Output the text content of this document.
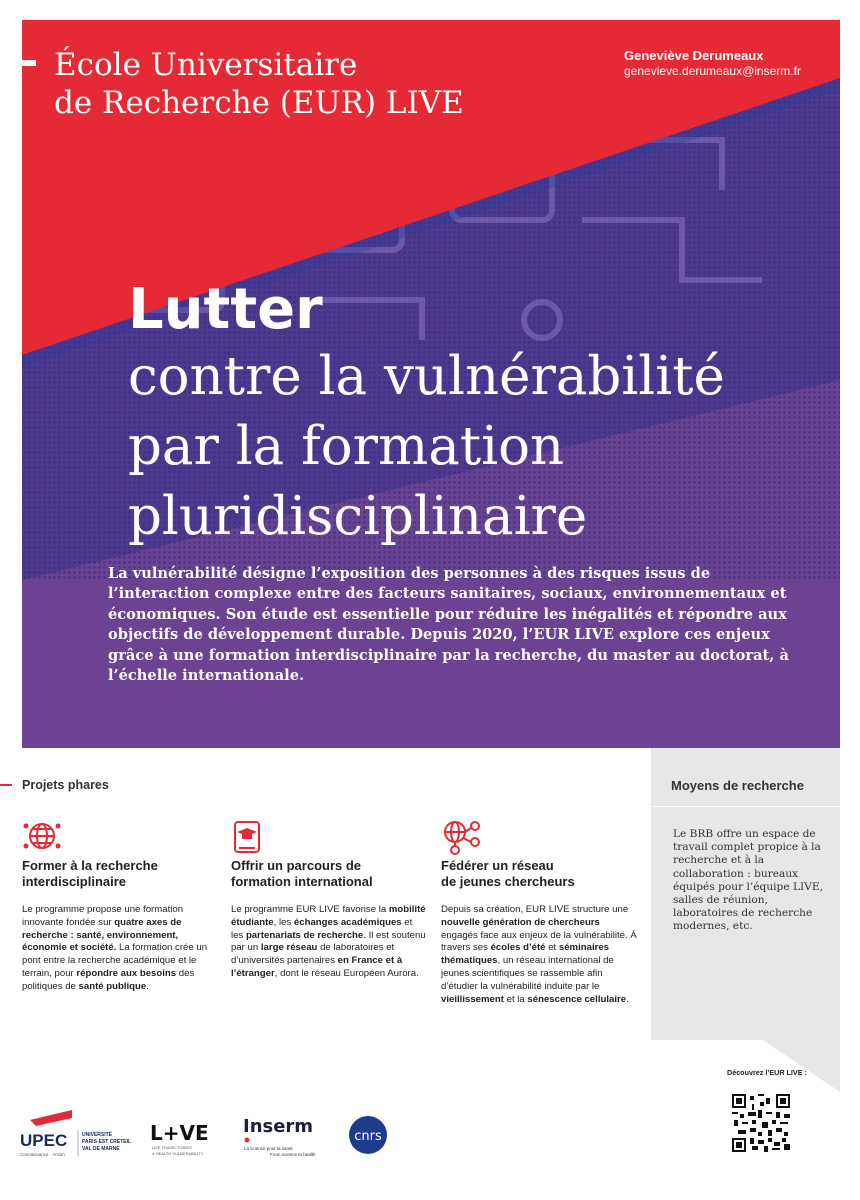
École Universitaire
de Recherche (EUR) LIVE
Geneviève Derumeaux
genevieve.derumeaux@inserm.fr
Lutter
contre la vulnérabilité
par la formation
pluridisciplinaire
La vulnérabilité désigne l’exposition des personnes à des risques issus de l’interaction complexe entre des facteurs sanitaires, sociaux, environnementaux et économiques. Son étude est essentielle pour réduire les inégalités et répondre aux objectifs de développement durable. Depuis 2020, l’EUR LIVE explore ces enjeux grâce à une formation interdisciplinaire par la recherche, du master au doctorat, à l’échelle internationale.
Moyens de recherche
Le BRB offre un espace de travail complet propice à la recherche et à la collaboration : bureaux équipés pour l’équipe LIVE, salles de réunion, laboratoires de recherche modernes, etc.
Projets phares
Former à la recherche
interdisciplinaire
Le programme propose une formation innovante fondée sur quatre axes de recherche : santé, environnement, économie et société. La formation crée un pont entre la recherche académique et le terrain, pour répondre aux besoins des politiques de santé publique.
Offrir un parcours de
formation international
Le programme EUR LIVE favorise la mobilité étudiante, les échanges académiques et les partenariats de recherche. Il est soutenu par un large réseau de laboratoires et d’universités partenaires en France et à l’étranger, dont le réseau Européen Aurora.
Fédérer un réseau
de jeunes chercheurs
Depuis sa création, EUR LIVE structure une nouvelle génération de chercheurs engagés face aux enjeux de la vulnérabilité. À travers ses écoles d’été et séminaires thématiques, un réseau international de jeunes scientifiques se rassemble afin d’étudier la vulnérabilité induite par le vieillissement et la sénescence cellulaire.
Découvrez l’EUR LIVE :
UPEC
Connaissance · Action
UNIVERSITÉ
PARIS-EST CRÉTEIL
VAL DE MARNE
L+VE
LIFE TRAJECTORIES
& HEALTH VULNERABILITY
Inserm
La science pour la santé
From science to health
cnrs
